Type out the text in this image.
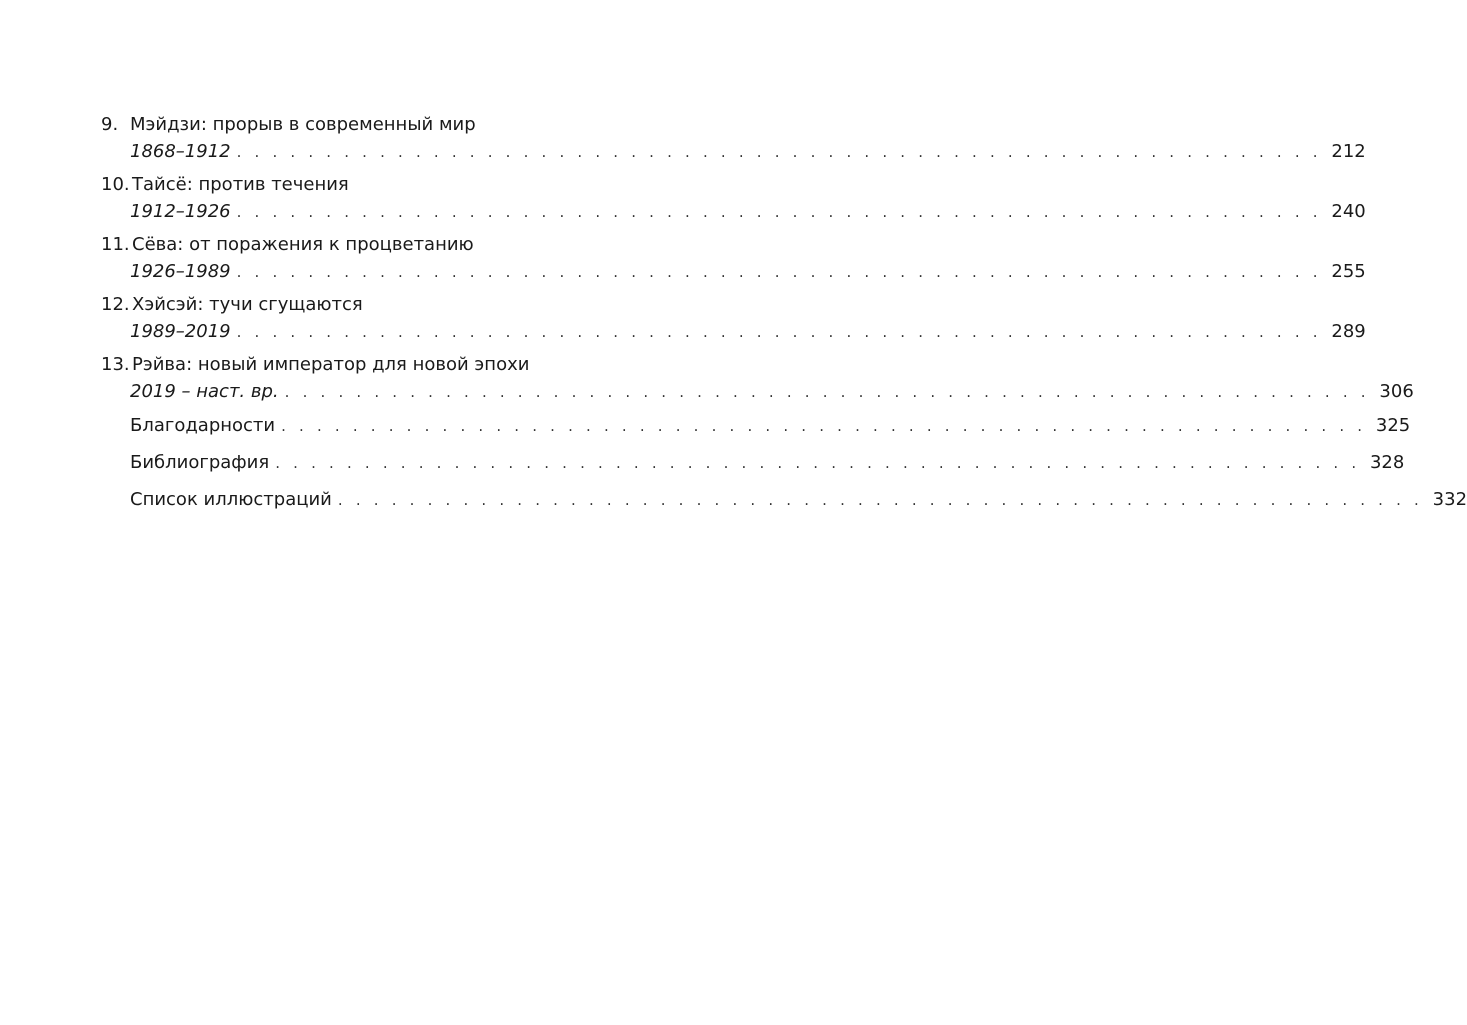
9. Мэйдзи: прорыв в современный мир
1868–1912 . . . . . . . . . . . . . . . . . . . . . . . . . . . . . . . . . . . . . . . . . . . . . . . . . . . . . . . . . . . . . 212
10. Тайсё: против течения
1912–1926 . . . . . . . . . . . . . . . . . . . . . . . . . . . . . . . . . . . . . . . . . . . . . . . . . . . . . . . . . . . . . 240
11. Сёва: от поражения к процветанию
1926–1989 . . . . . . . . . . . . . . . . . . . . . . . . . . . . . . . . . . . . . . . . . . . . . . . . . . . . . . . . . . . . . 255
12. Хэйсэй: тучи сгущаются
1989–2019 . . . . . . . . . . . . . . . . . . . . . . . . . . . . . . . . . . . . . . . . . . . . . . . . . . . . . . . . . . . . . 289
13. Рэйва: новый император для новой эпохи
2019 – наст. вр. . . . . . . . . . . . . . . . . . . . . . . . . . . . . . . . . . . . . . . . . . . . . . . . . . . . . . . . . . . . . . 306
Благодарности . . . . . . . . . . . . . . . . . . . . . . . . . . . . . . . . . . . . . . . . . . . . . . . . . . . . . . . . . . . . . 325
Библиография . . . . . . . . . . . . . . . . . . . . . . . . . . . . . . . . . . . . . . . . . . . . . . . . . . . . . . . . . . . . . 328
Список иллюстраций . . . . . . . . . . . . . . . . . . . . . . . . . . . . . . . . . . . . . . . . . . . . . . . . . . . . . . . . . . . . . 332
